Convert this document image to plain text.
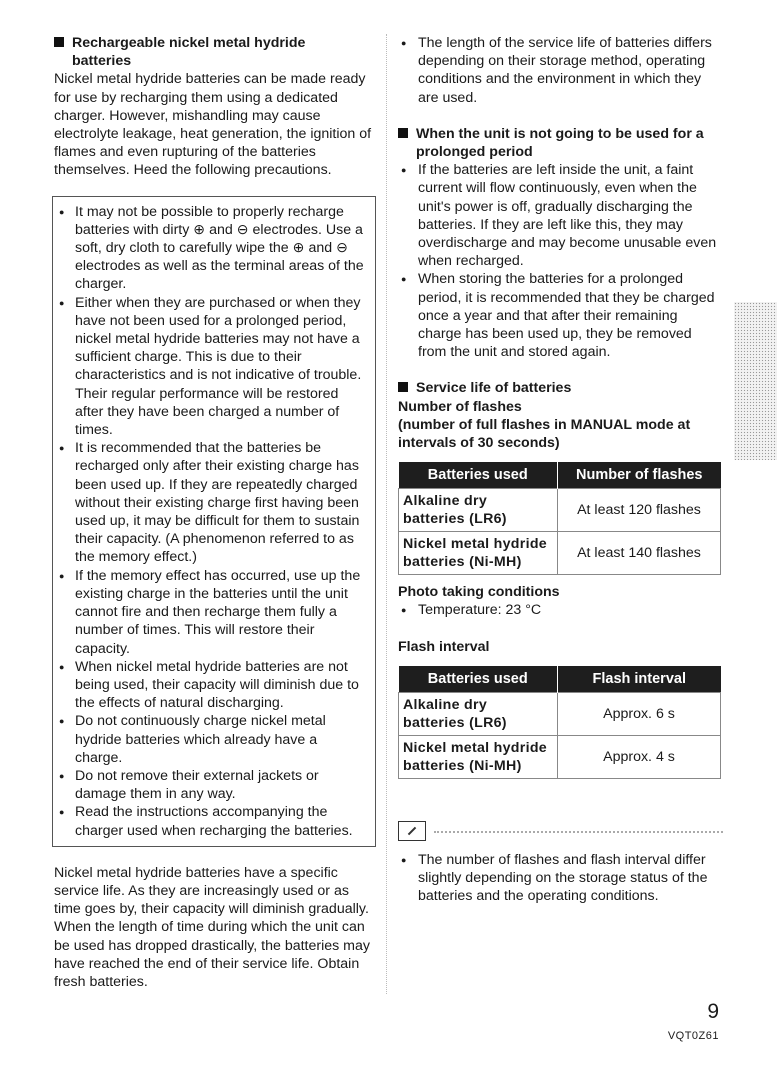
Rechargeable nickel metal hydride
batteries

Nickel metal hydride batteries can be made ready for use by recharging them using a dedicated charger. However, mishandling may cause electrolyte leakage, heat generation, the ignition of flames and even rupturing of the batteries themselves. Heed the following precautions.

● It may not be possible to properly recharge batteries with dirty ⊕ and ⊖ electrodes. Use a soft, dry cloth to carefully wipe the ⊕ and ⊖ electrodes as well as the terminal areas of the charger.
● Either when they are purchased or when they have not been used for a prolonged period, nickel metal hydride batteries may not have a sufficient charge. This is due to their characteristics and is not indicative of trouble. Their regular performance will be restored after they have been charged a number of times.
● It is recommended that the batteries be recharged only after their existing charge has been used up. If they are repeatedly charged without their existing charge first having been used up, it may be difficult for them to sustain their capacity. (A phenomenon referred to as the memory effect.)
● If the memory effect has occurred, use up the existing charge in the batteries until the unit cannot fire and then recharge them fully a number of times. This will restore their capacity.
● When nickel metal hydride batteries are not being used, their capacity will diminish due to the effects of natural discharging.
● Do not continuously charge nickel metal hydride batteries which already have a charge.
● Do not remove their external jackets or damage them in any way.
● Read the instructions accompanying the charger used when recharging the batteries.

Nickel metal hydride batteries have a specific service life. As they are increasingly used or as time goes by, their capacity will diminish gradually. When the length of time during which the unit can be used has dropped drastically, the batteries may have reached the end of their service life. Obtain fresh batteries.

● The length of the service life of batteries differs depending on their storage method, operating conditions and the environment in which they are used.
When the unit is not going to be used for a
prolonged period
● If the batteries are left inside the unit, a faint current will flow continuously, even when the unit's power is off, gradually discharging the batteries. If they are left like this, they may overdischarge and may become unusable even when recharged.
● When storing the batteries for a prolonged period, it is recommended that they be charged once a year and that after their remaining charge has been used up, they be removed from the unit and stored again.
Service life of batteries
Number of flashes
(number of full flashes in MANUAL mode at intervals of 30 seconds)
Batteries used	Number of flashes
Alkaline dry batteries (LR6)	At least 120 flashes
Nickel metal hydride batteries (Ni-MH)	At least 140 flashes
Photo taking conditions
● Temperature: 23 °C
Flash interval
Batteries used	Flash interval
Alkaline dry batteries (LR6)	Approx. 6 s
Nickel metal hydride batteries (Ni-MH)	Approx. 4 s
● The number of flashes and flash interval differ slightly depending on the storage status of the batteries and the operating conditions.
9
VQT0Z61
